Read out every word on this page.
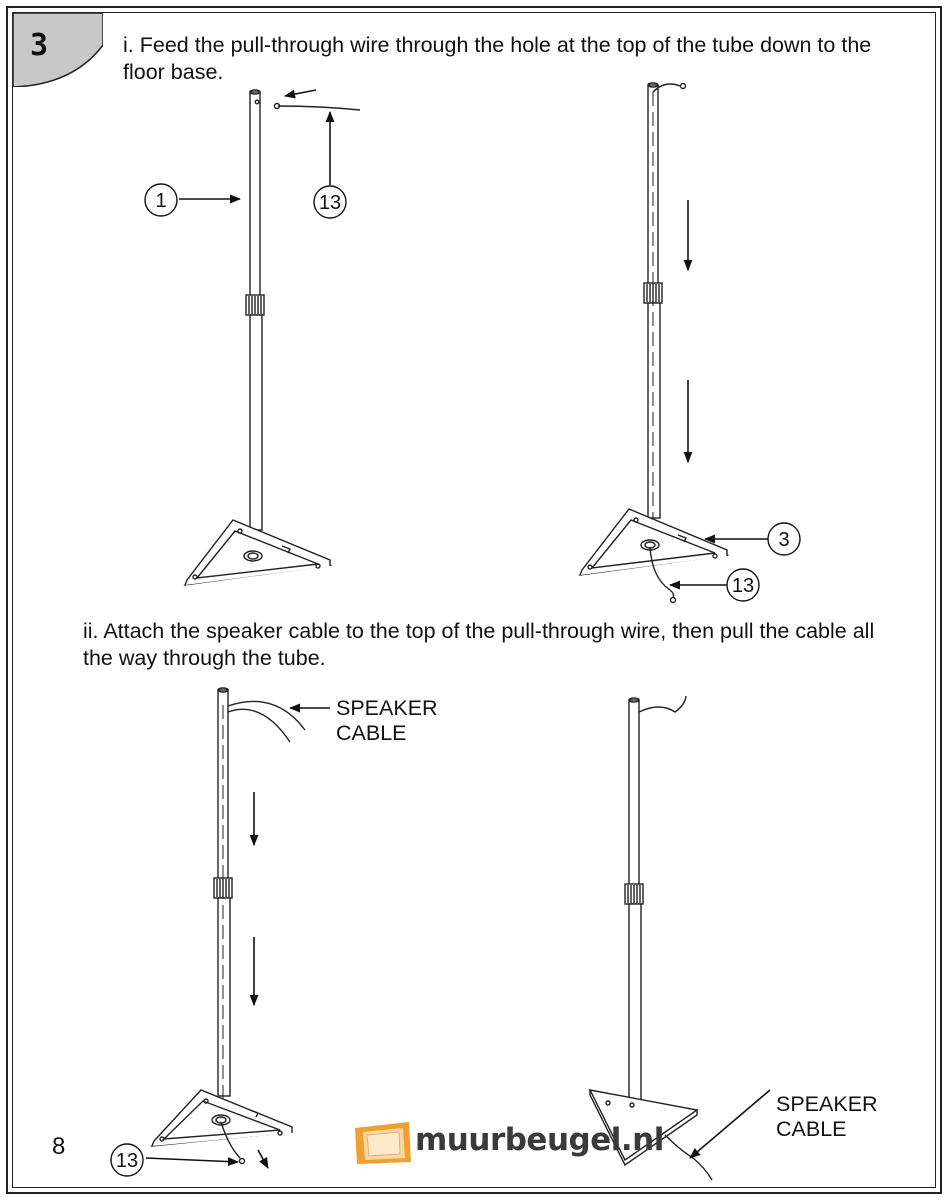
3	i. Feed the pull-through wire through the hole at the top of the tube down to the floor base.
ii. Attach the speaker cable to the top of the pull-through wire, then pull the cable all the way through the tube.
1	13
3
13
13
SPEAKER
CABLE
SPEAKER
CABLE
8	muurbeugel.nl
